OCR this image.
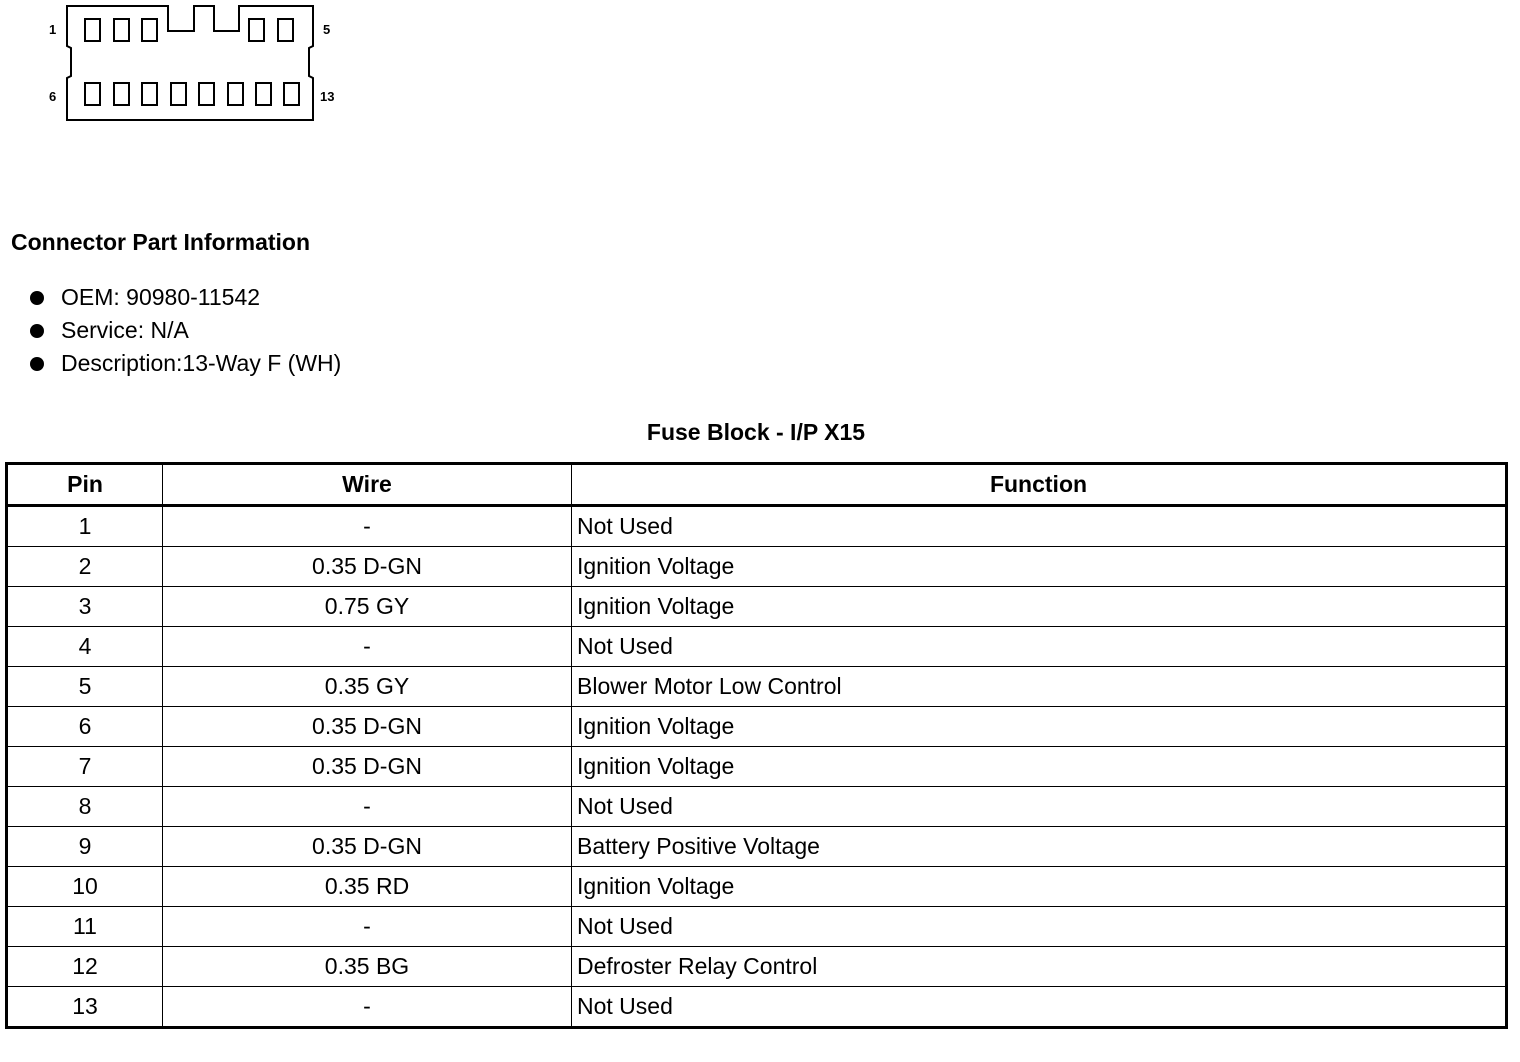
1	5
6	13
Connector Part Information
OEM: 90980-11542
Service: N/A
Description:13-Way F (WH)
Fuse Block - I/P X15
Pin	Wire	Function
1	-	Not Used
2	0.35 D-GN	Ignition Voltage
3	0.75 GY	Ignition Voltage
4	-	Not Used
5	0.35 GY	Blower Motor Low Control
6	0.35 D-GN	Ignition Voltage
7	0.35 D-GN	Ignition Voltage
8	-	Not Used
9	0.35 D-GN	Battery Positive Voltage
10	0.35 RD	Ignition Voltage
11	-	Not Used
12	0.35 BG	Defroster Relay Control
13	-	Not Used
